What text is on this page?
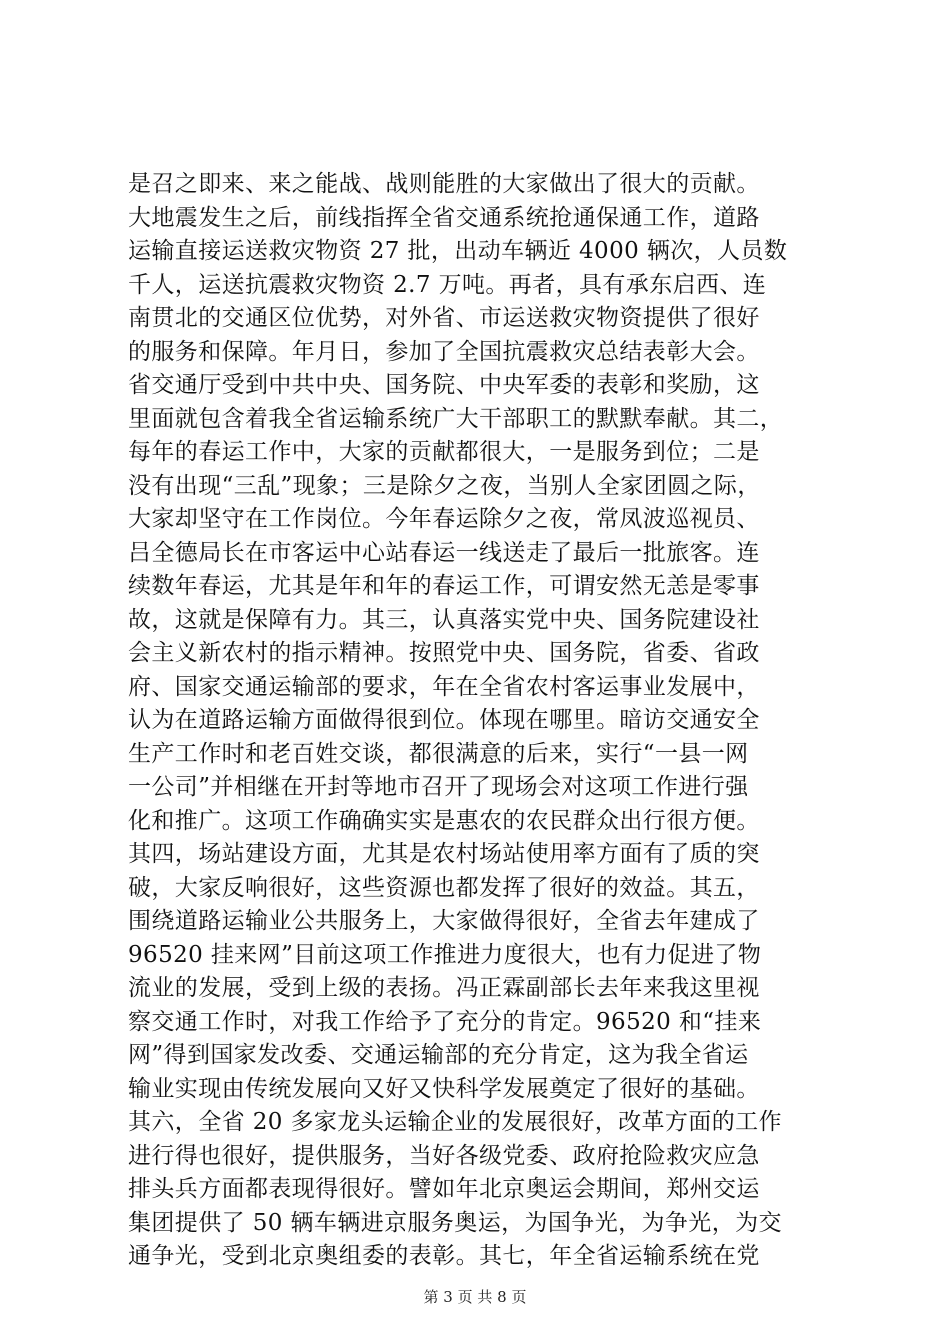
是召之即来、来之能战、战则能胜的大家做出了很大的贡献。
大地震发生之后，前线指挥全省交通系统抢通保通工作，道路
运输直接运送救灾物资 27 批，出动车辆近 4000 辆次，人员数
千人，运送抗震救灾物资 2.7 万吨。再者，具有承东启西、连
南贯北的交通区位优势，对外省、市运送救灾物资提供了很好
的服务和保障。年月日，参加了全国抗震救灾总结表彰大会。
省交通厅受到中共中央、国务院、中央军委的表彰和奖励，这
里面就包含着我全省运输系统广大干部职工的默默奉献。其二，
每年的春运工作中，大家的贡献都很大，一是服务到位；二是
没有出现“三乱”现象；三是除夕之夜，当别人全家团圆之际，
大家却坚守在工作岗位。今年春运除夕之夜，常凤波巡视员、
吕全德局长在市客运中心站春运一线送走了最后一批旅客。连
续数年春运，尤其是年和年的春运工作，可谓安然无恙是零事
故，这就是保障有力。其三，认真落实党中央、国务院建设社
会主义新农村的指示精神。按照党中央、国务院，省委、省政
府、国家交通运输部的要求，年在全省农村客运事业发展中，
认为在道路运输方面做得很到位。体现在哪里。暗访交通安全
生产工作时和老百姓交谈，都很满意的后来，实行“一县一网
一公司”并相继在开封等地市召开了现场会对这项工作进行强
化和推广。这项工作确确实实是惠农的农民群众出行很方便。
其四，场站建设方面，尤其是农村场站使用率方面有了质的突
破，大家反响很好，这些资源也都发挥了很好的效益。其五，
围绕道路运输业公共服务上，大家做得很好，全省去年建成了
96520 挂来网”目前这项工作推进力度很大，也有力促进了物
流业的发展，受到上级的表扬。冯正霖副部长去年来我这里视
察交通工作时，对我工作给予了充分的肯定。96520 和“挂来
网”得到国家发改委、交通运输部的充分肯定，这为我全省运
输业实现由传统发展向又好又快科学发展奠定了很好的基础。
其六，全省 20 多家龙头运输企业的发展很好，改革方面的工作
进行得也很好，提供服务，当好各级党委、政府抢险救灾应急
排头兵方面都表现得很好。譬如年北京奥运会期间，郑州交运
集团提供了 50 辆车辆进京服务奥运，为国争光，为争光，为交
通争光，受到北京奥组委的表彰。其七，年全省运输系统在党
第 3 页 共 8 页
